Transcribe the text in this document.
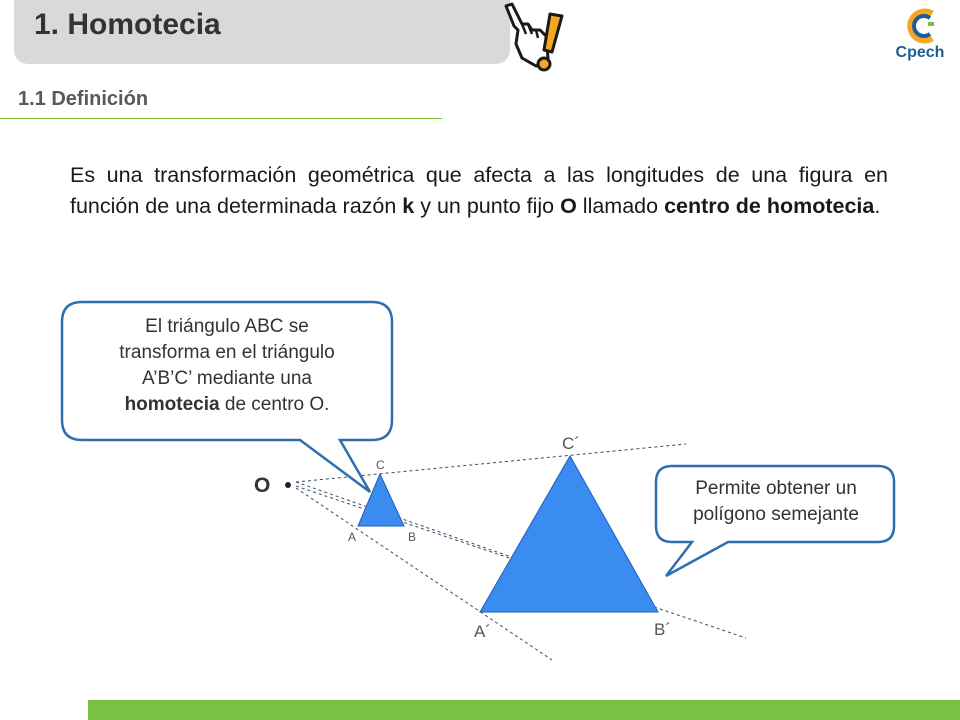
1. Homotecia
Cpech
1.1 Definición
Es una transformación geométrica que afecta a las longitudes de una figura en función de una determinada razón k y un punto fijo O llamado centro de homotecia.
El triángulo ABC se
transforma en el triángulo
A’B’C’ mediante una
homotecia de centro O.
Permite obtener un
polígono semejante
O
C
A	B
C´
A´	B´
